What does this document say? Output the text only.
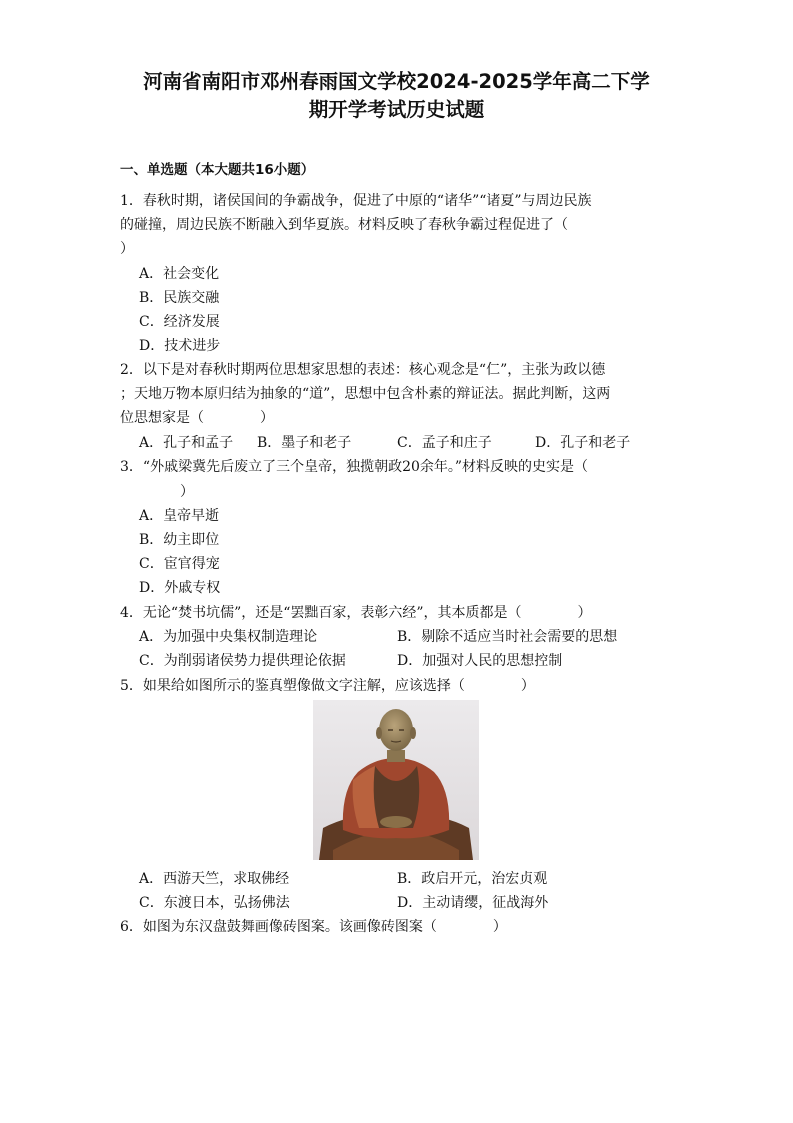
河南省南阳市邓州春雨国文学校2024-2025学年高二下学
期开学考试历史试题
一、单选题（本大题共16小题）
1．春秋时期，诸侯国间的争霸战争，促进了中原的“诸华”“诸夏”与周边民族
的碰撞，周边民族不断融入到华夏族。材料反映了春秋争霸过程促进了（
）
A．社会变化
B．民族交融
C．经济发展
D．技术进步
2．以下是对春秋时期两位思想家思想的表述：核心观念是“仁”，主张为政以德
；天地万物本原归结为抽象的“道”，思想中包含朴素的辩证法。据此判断，这两
位思想家是（　　　　）
A．孔子和孟子 B．墨子和老子	C．孟子和庄子	D．孔子和老子
3．“外戚梁冀先后废立了三个皇帝，独揽朝政20余年。”材料反映的史实是（
）
A．皇帝早逝
B．幼主即位
C．宦官得宠
D．外戚专权
4．无论“焚书坑儒”，还是“罢黜百家，表彰六经”，其本质都是（　　　　）
A．为加强中央集权制造理论	B．剔除不适应当时社会需要的思想
C．为削弱诸侯势力提供理论依据	D．加强对人民的思想控制
5．如果给如图所示的鉴真塑像做文字注解，应该选择（　　　　）
A．西游天竺，求取佛经	B．政启开元，治宏贞观
C．东渡日本，弘扬佛法	D．主动请缨，征战海外
6．如图为东汉盘鼓舞画像砖图案。该画像砖图案（　　　　）
